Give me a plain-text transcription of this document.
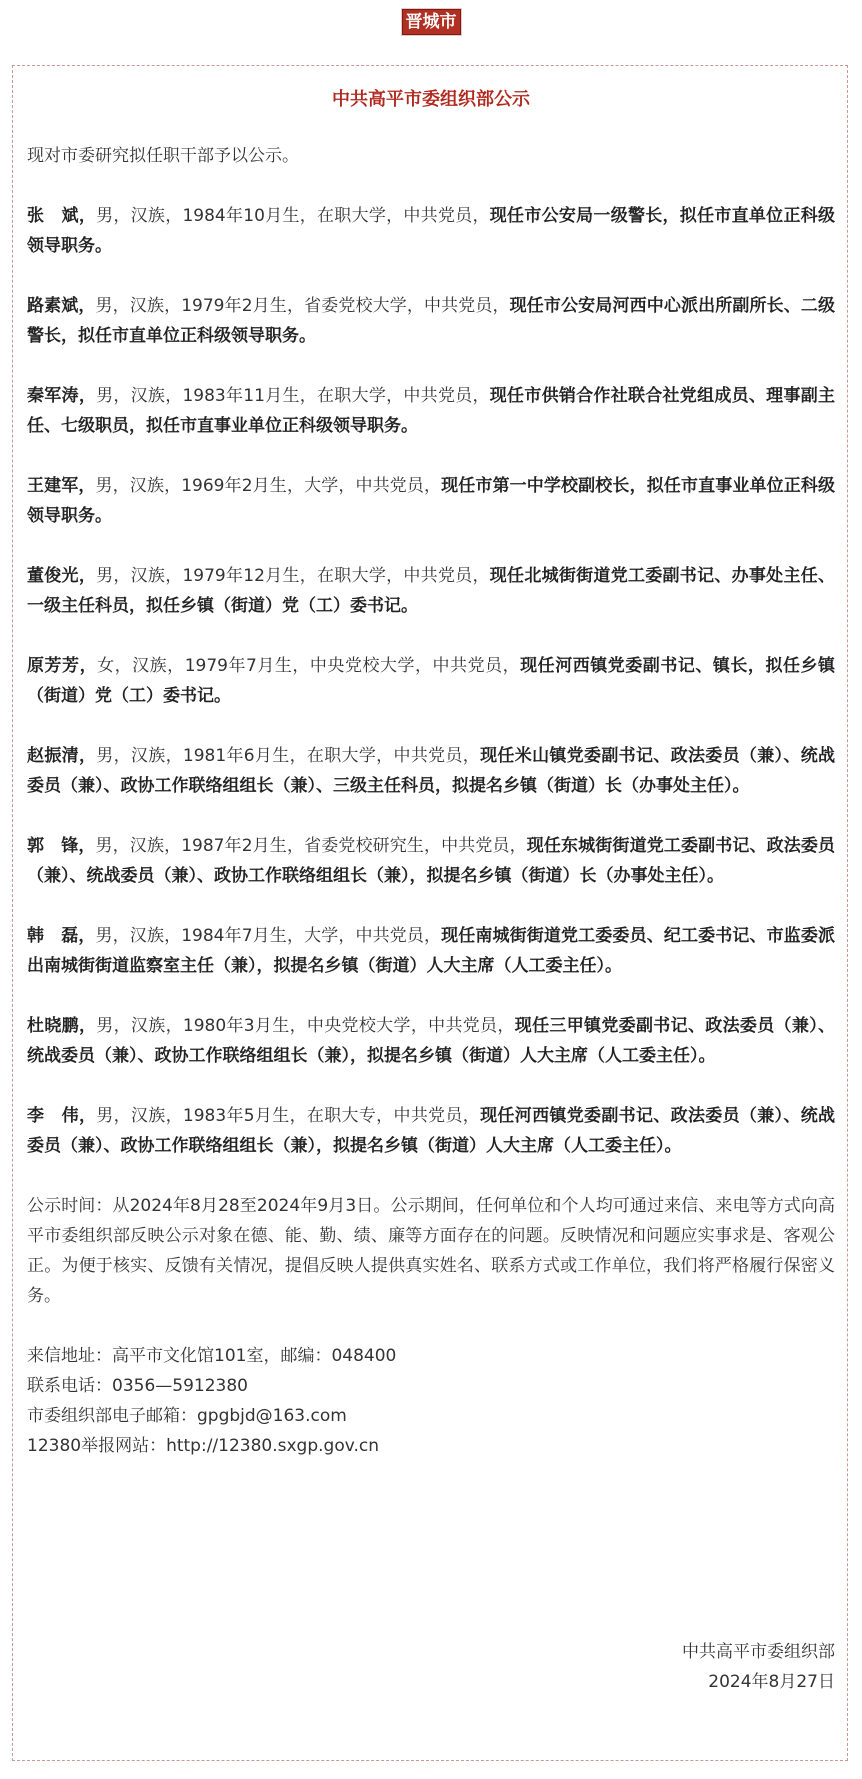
晋城市
中共高平市委组织部公示

现对市委研究拟任职干部予以公示。

张　斌，男，汉族，1984年10月生，在职大学，中共党员，现任市公安局一级警长，拟任市直单位正科级领导职务。

路素斌，男，汉族，1979年2月生，省委党校大学，中共党员，现任市公安局河西中心派出所副所长、二级警长，拟任市直单位正科级领导职务。

秦军涛，男，汉族，1983年11月生，在职大学，中共党员，现任市供销合作社联合社党组成员、理事副主任、七级职员，拟任市直事业单位正科级领导职务。

王建军，男，汉族，1969年2月生，大学，中共党员，现任市第一中学校副校长，拟任市直事业单位正科级领导职务。

董俊光，男，汉族，1979年12月生，在职大学，中共党员，现任北城街街道党工委副书记、办事处主任、一级主任科员，拟任乡镇（街道）党（工）委书记。

原芳芳，女，汉族，1979年7月生，中央党校大学，中共党员，现任河西镇党委副书记、镇长，拟任乡镇（街道）党（工）委书记。

赵振清，男，汉族，1981年6月生，在职大学，中共党员，现任米山镇党委副书记、政法委员（兼）、统战委员（兼）、政协工作联络组组长（兼）、三级主任科员，拟提名乡镇（街道）长（办事处主任）。

郭　锋，男，汉族，1987年2月生，省委党校研究生，中共党员，现任东城街街道党工委副书记、政法委员（兼）、统战委员（兼）、政协工作联络组组长（兼），拟提名乡镇（街道）长（办事处主任）。

韩　磊，男，汉族，1984年7月生，大学，中共党员，现任南城街街道党工委委员、纪工委书记、市监委派出南城街街道监察室主任（兼），拟提名乡镇（街道）人大主席（人工委主任）。

杜晓鹏，男，汉族，1980年3月生，中央党校大学，中共党员，现任三甲镇党委副书记、政法委员（兼）、统战委员（兼）、政协工作联络组组长（兼），拟提名乡镇（街道）人大主席（人工委主任）。

李　伟，男，汉族，1983年5月生，在职大专，中共党员，现任河西镇党委副书记、政法委员（兼）、统战委员（兼）、政协工作联络组组长（兼），拟提名乡镇（街道）人大主席（人工委主任）。

公示时间：从2024年8月28至2024年9月3日。公示期间，任何单位和个人均可通过来信、来电等方式向高平市委组织部反映公示对象在德、能、勤、绩、廉等方面存在的问题。反映情况和问题应实事求是、客观公正。为便于核实、反馈有关情况，提倡反映人提供真实姓名、联系方式或工作单位，我们将严格履行保密义务。

来信地址：高平市文化馆101室，邮编：048400
联系电话：0356—5912380
市委组织部电子邮箱：gpgbjd@163.com
12380举报网站：http://12380.sxgp.gov.cn
中共高平市委组织部
2024年8月27日
